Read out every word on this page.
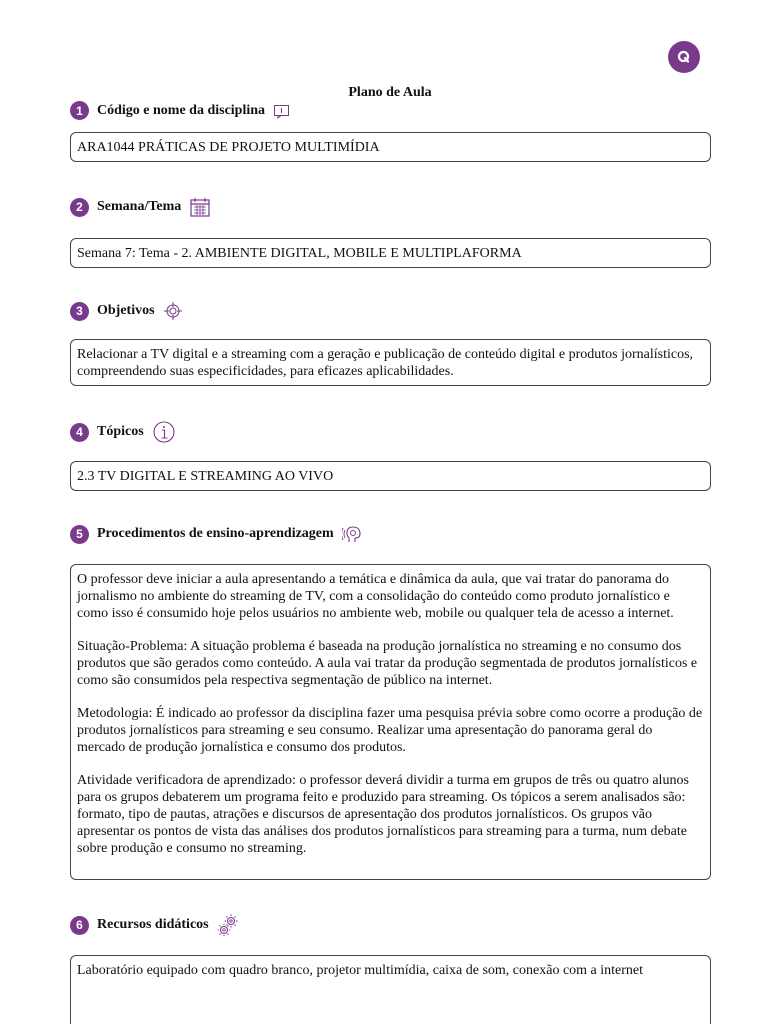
Plano de Aula
1	Código e nome da disciplina

ARA1044 PRÁTICAS DE PROJETO MULTIMÍDIA

2	Semana/Tema

Semana 7: Tema - 2. AMBIENTE DIGITAL, MOBILE E MULTIPLAFORMA

3	Objetivos

Relacionar a TV digital e a streaming com a geração e publicação de conteúdo digital e produtos jornalísticos, compreendendo suas especificidades, para eficazes aplicabilidades.

4	Tópicos

2.3 TV DIGITAL E STREAMING AO VIVO

5	Procedimentos de ensino-aprendizagem

O professor deve iniciar a aula apresentando a temática e dinâmica da aula, que vai tratar do panorama do jornalismo no ambiente do streaming de TV, com a consolidação do conteúdo como produto jornalístico e como isso é consumido hoje pelos usuários no ambiente web, mobile ou qualquer tela de acesso a internet.

Situação-Problema: A situação problema é baseada na produção jornalística no streaming e no consumo dos produtos que são gerados como conteúdo. A aula vai tratar da produção segmentada de produtos jornalísticos e como são consumidos pela respectiva segmentação de público na internet.

Metodologia: É indicado ao professor da disciplina fazer uma pesquisa prévia sobre como ocorre a produção de produtos jornalísticos para streaming e seu consumo. Realizar uma apresentação do panorama geral do mercado de produção jornalística e consumo dos produtos.

Atividade verificadora de aprendizado: o professor deverá dividir a turma em grupos de três ou quatro alunos para os grupos debaterem um programa feito e produzido para streaming. Os tópicos a serem analisados são: formato, tipo de pautas, atrações e discursos de apresentação dos produtos jornalísticos. Os grupos vão apresentar os pontos de vista das análises dos produtos jornalísticos para streaming para a turma, num debate sobre produção e consumo no streaming.

6	Recursos didáticos

Laboratório equipado com quadro branco, projetor multimídia, caixa de som, conexão com a internet
